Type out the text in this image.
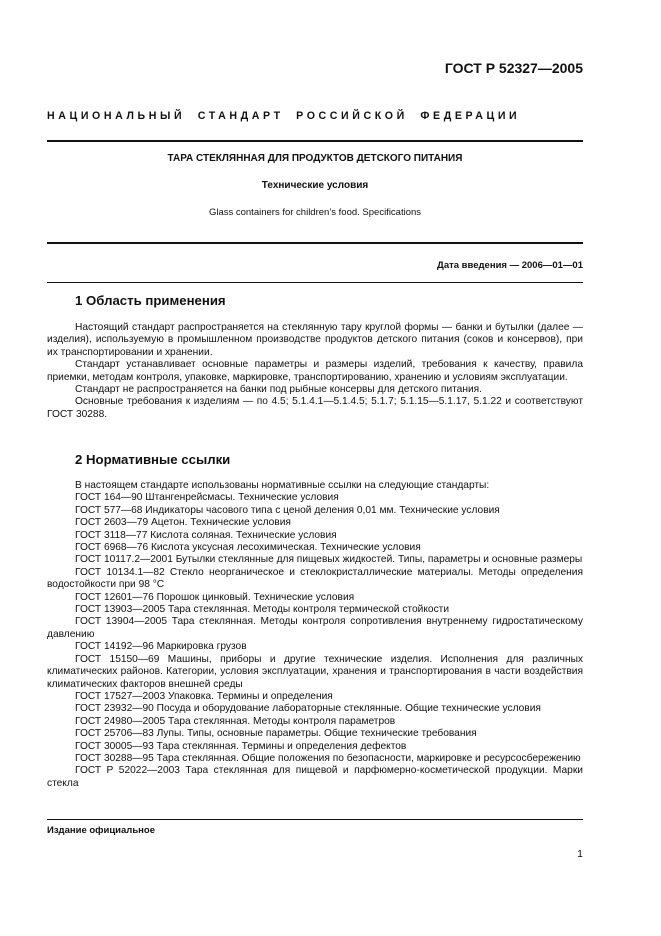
ГОСТ Р 52327—2005
НАЦИОНАЛЬНЫЙ СТАНДАРТ РОССИЙСКОЙ ФЕДЕРАЦИИ
ТАРА СТЕКЛЯННАЯ ДЛЯ ПРОДУКТОВ ДЕТСКОГО ПИТАНИЯ
Технические условия
Glass containers for children’s food. Specifications
Дата введения — 2006—01—01
1 Область применения

Настоящий стандарт распространяется на стеклянную тару круглой формы — банки и бутылки (далее — изделия), используемую в промышленном производстве продуктов детского питания (соков и консервов), при их транспортировании и хранении.

Стандарт устанавливает основные параметры и размеры изделий, требования к качеству, правила приемки, методам контроля, упаковке, маркировке, транспортированию, хранению и условиям эксплуатации.

Стандарт не распространяется на банки под рыбные консервы для детского питания.

Основные требования к изделиям — по 4.5; 5.1.4.1—5.1.4.5; 5.1.7; 5.1.15—5.1.17, 5.1.22 и соответствуют ГОСТ 30288.

2 Нормативные ссылки
В настоящем стандарте использованы нормативные ссылки на следующие стандарты:
ГОСТ 164—90 Штангенрейсмасы. Технические условия
ГОСТ 577—68 Индикаторы часового типа с ценой деления 0,01 мм. Технические условия
ГОСТ 2603—79 Ацетон. Технические условия
ГОСТ 3118—77 Кислота соляная. Технические условия
ГОСТ 6968—76 Кислота уксусная лесохимическая. Технические условия
ГОСТ 10117.2—2001 Бутылки стеклянные для пищевых жидкостей. Типы, параметры и основные размеры
ГОСТ 10134.1—82 Стекло неорганическое и стеклокристаллические материалы. Методы определения водостойкости при 98 °С
ГОСТ 12601—76 Порошок цинковый. Технические условия
ГОСТ 13903—2005 Тара стеклянная. Методы контроля термической стойкости
ГОСТ 13904—2005 Тара стеклянная. Методы контроля сопротивления внутреннему гидростатическому давлению
ГОСТ 14192—96 Маркировка грузов
ГОСТ 15150—69 Машины, приборы и другие технические изделия. Исполнения для различных климатических районов. Категории, условия эксплуатации, хранения и транспортирования в части воздействия климатических факторов внешней среды
ГОСТ 17527—2003 Упаковка. Термины и определения
ГОСТ 23932—90 Посуда и оборудование лабораторные стеклянные. Общие технические условия
ГОСТ 24980—2005 Тара стеклянная. Методы контроля параметров
ГОСТ 25706—83 Лупы. Типы, основные параметры. Общие технические требования
ГОСТ 30005—93 Тара стеклянная. Термины и определения дефектов
ГОСТ 30288—95 Тара стеклянная. Общие положения по безопасности, маркировке и ресурсосбережению
ГОСТ Р 52022—2003 Тара стеклянная для пищевой и парфюмерно-косметической продукции. Марки стекла
Издание официальное
1
